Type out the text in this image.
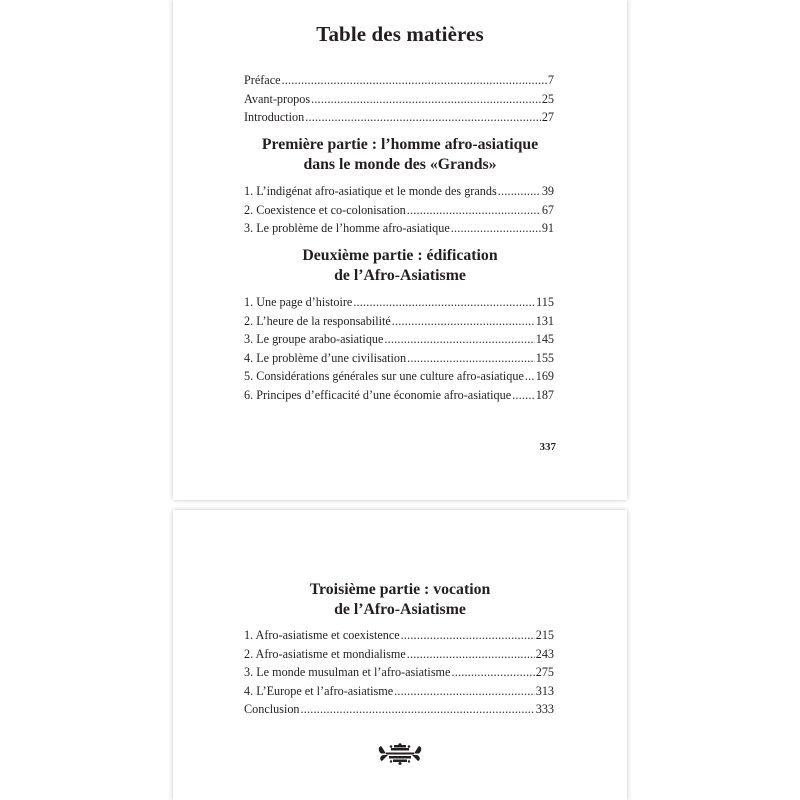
Table des matières
Préface .....	7
Avant-propos .....	25
Introduction .....	27
Première partie : l’homme afro-asiatique
dans le monde des «Grands»
1. L’indigénat afro-asiatique et le monde des grands .....	39
2. Coexistence et co-colonisation .....	67
3. Le problème de l’homme afro-asiatique .....	91
Deuxième partie : édification
de l’Afro-Asiatisme
1. Une page d’histoire .....	115
2. L’heure de la responsabilité .....	131
3. Le groupe arabo-asiatique .....	145
4. Le problème d’une civilisation .....	155
5. Considérations générales sur une culture afro-asiatique ..... 169
6. Principes d’efficacité d’une économie afro-asiatique ..... 187
337
Troisième partie : vocation
de l’Afro-Asiatisme
1. Afro-asiatisme et coexistence .....	215
2. Afro-asiatisme et mondialisme .....	243
3. Le monde musulman et l’afro-asiatisme .....	275
4. L’Europe et l’afro-asiatisme .....	313
Conclusion .....	333
